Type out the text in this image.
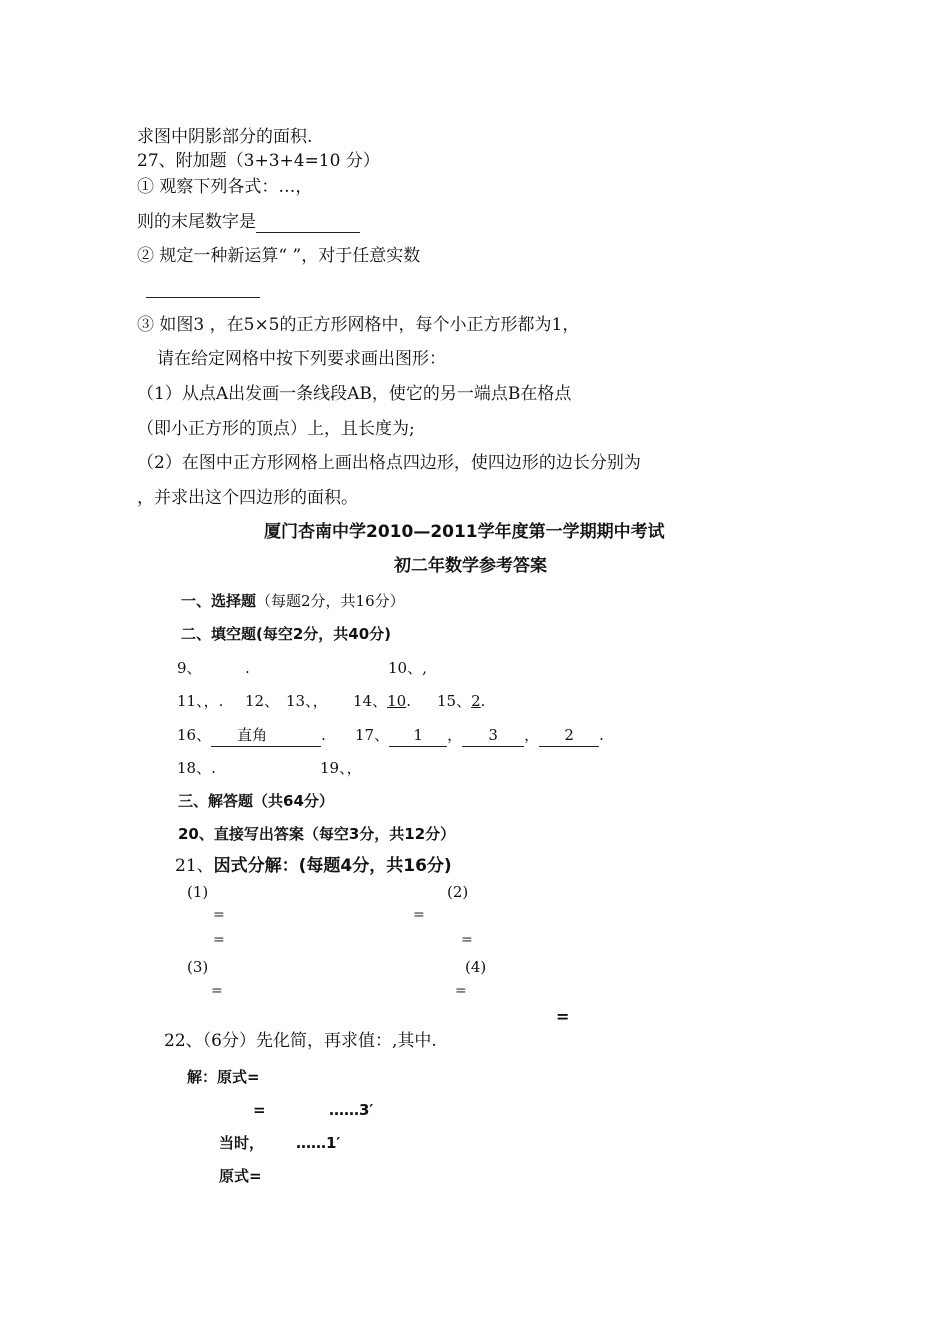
求图中阴影部分的面积.
27、附加题（3+3+4=10 分）
① 观察下列各式：…，
则的末尾数字是
② 规定一种新运算“ ”，对于任意实数
③ 如图3 ，在5×5的正方形网格中，每个小正方形都为1，
请在给定网格中按下列要求画出图形：
（1）从点A出发画一条线段AB，使它的另一端点B在格点
（即小正方形的顶点）上，且长度为;
（2）在图中正方形网格上画出格点四边形，使四边形的边长分别为
，并求出这个四边形的面积。
厦门杏南中学2010—2011学年度第一学期期中考试
初二年数学参考答案
一、选择题（每题2分，共16分）
二、填空题(每空2分，共40分)
9、	.	10、,
11、，. 12、 13、， 14、10. 15、2.
16、 直角	. 17、 1 ， 3 ， 2 .
18、.	19、，
三、解答题（共64分）
20、直接写出答案（每空3分，共12分）
21、因式分解：(每题4分，共16分)
(1)	(2)
=	=
=	=
(3)	(4)
=	=
=
22、（6分）先化简，再求值：,其中.
解：原式=
=	……3′
当时， ……1′
原式=
